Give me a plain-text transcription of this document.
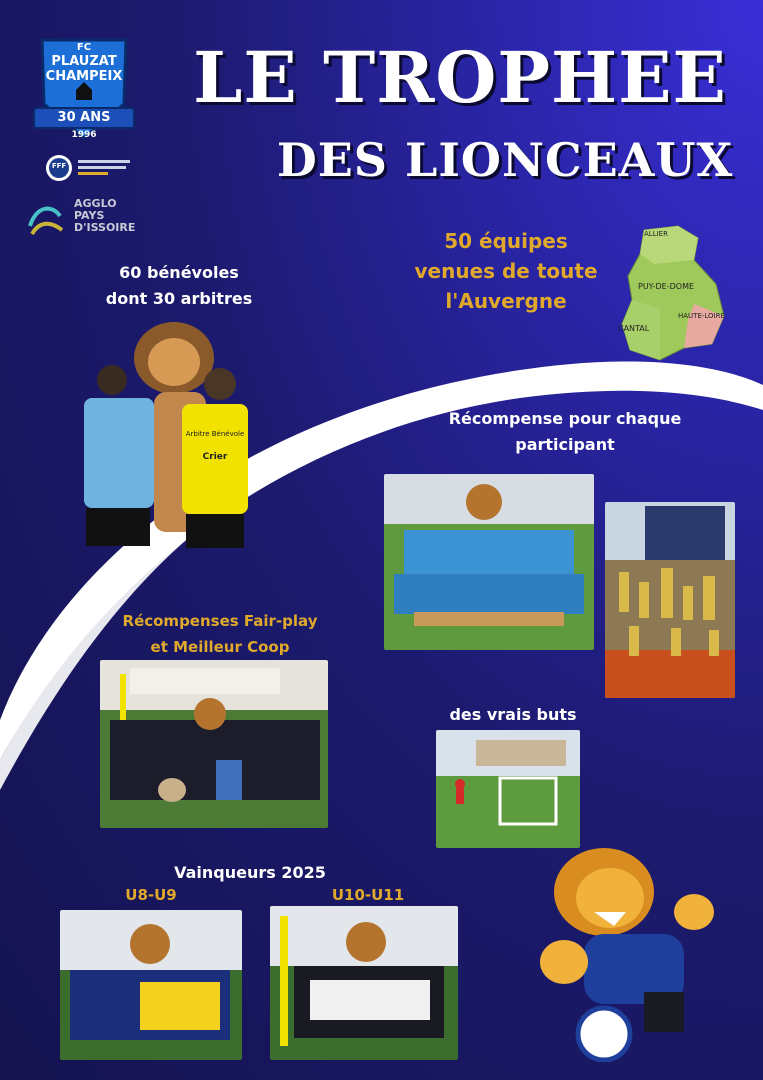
FC
PLAUZAT
CHAMPEIX
30 ANS
1996
FFF
AGGLO
PAYS
D'ISSOIRE
LE TROPHEE
DES LIONCEAUX
60 bénévoles
dont 30 arbitres
50 équipes
venues de toute
l'Auvergne
ALLIER
PUY-DE-DOME
CANTAL
HAUTE-LOIRE
Arbitre Bénévole
Crier
Récompense pour chaque
participant
Récompenses Fair-play
et Meilleur Coop
des vrais buts
Vainqueurs 2025
U8-U9	U10-U11
